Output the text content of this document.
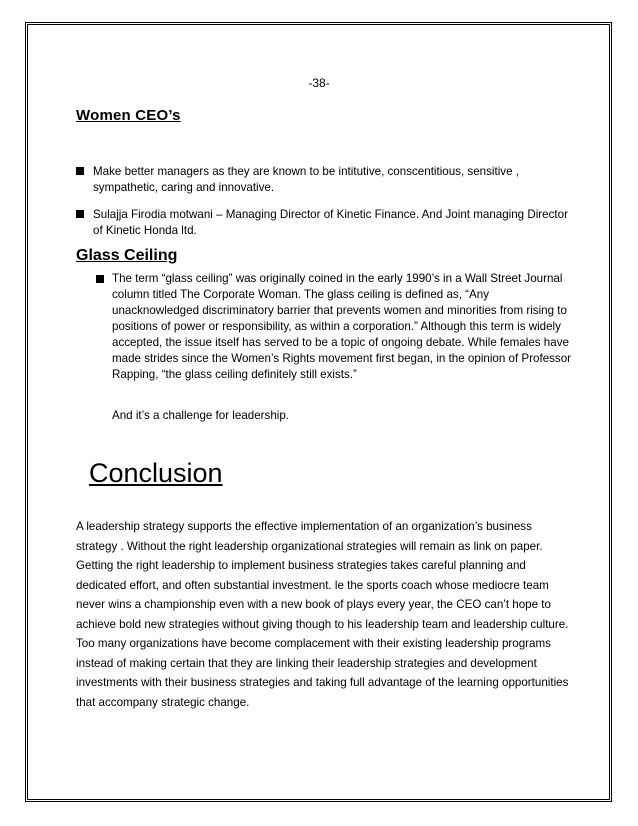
-38-
Women CEO’s
Make better managers as they are known to be intitutive, conscentitious, sensitive , sympathetic, caring and innovative.
Sulajja Firodia motwani – Managing Director of Kinetic Finance. And Joint managing Director of Kinetic Honda ltd.
Glass Ceiling
The term “glass ceiling” was originally coined in the early 1990’s in a Wall Street Journal column titled The Corporate Woman. The glass ceiling is defined as, “Any unacknowledged discriminatory barrier that prevents women and minorities from rising to positions of power or responsibility, as within a corporation.” Although this term is widely accepted, the issue itself has served to be a topic of ongoing debate. While females have made strides since the Women’s Rights movement first began, in the opinion of Professor Rapping, “the glass ceiling definitely still exists.”
And it’s a challenge for leadership.
Conclusion
A leadership strategy supports the effective implementation of an organization’s business strategy . Without the right leadership organizational strategies will remain as link on paper. Getting the right leadership to implement business strategies takes careful planning and dedicated effort, and often substantial investment. le the sports coach whose mediocre team never wins a championship even with a new book of plays every year, the CEO can’t hope to achieve bold new strategies without giving though to his leadership team and leadership culture. Too many organizations have become complacement with their existing leadership programs instead of making certain that they are linking their leadership strategies and development investments with their business strategies and taking full advantage of the learning opportunities that accompany strategic change.
